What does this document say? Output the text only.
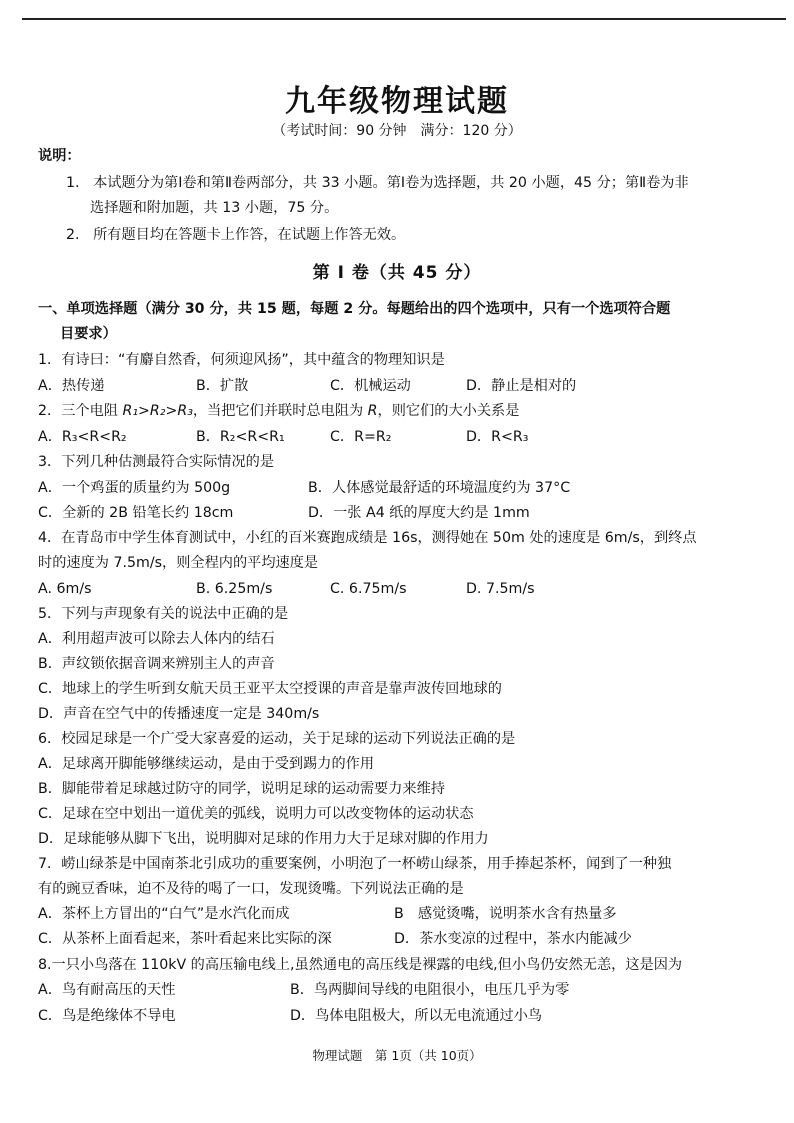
九年级物理试题
（考试时间：90 分钟　满分：120 分）
说明：
1. 本试题分为第Ⅰ卷和第Ⅱ卷两部分，共 33 小题。第Ⅰ卷为选择题，共 20 小题，45 分；第Ⅱ卷为非
选择题和附加题，共 13 小题，75 分。
2. 所有题目均在答题卡上作答，在试题上作答无效。
第 Ⅰ 卷（共 45 分）
一、单项选择题（满分 30 分，共 15 题，每题 2 分。每题给出的四个选项中，只有一个选项符合题
目要求）
1．有诗曰：“有麝自然香，何须迎风扬”，其中蕴含的物理知识是
A．热传递	B．扩散	C．机械运动	D．静止是相对的
2．三个电阻 R₁>R₂>R₃，当把它们并联时总电阻为 R，则它们的大小关系是
A．R₃<R<R₂	B．R₂<R<R₁	C．R=R₂	D．R<R₃
3．下列几种估测最符合实际情况的是
A．一个鸡蛋的质量约为 500g	B．人体感觉最舒适的环境温度约为 37°C
C．全新的 2B 铅笔长约 18cm	D．一张 A4 纸的厚度大约是 1mm
4．在青岛市中学生体育测试中，小红的百米赛跑成绩是 16s，测得她在 50m 处的速度是 6m/s，到终点
时的速度为 7.5m/s，则全程内的平均速度是
A. 6m/s	B. 6.25m/s	C. 6.75m/s	D. 7.5m/s
5．下列与声现象有关的说法中正确的是
A．利用超声波可以除去人体内的结石
B．声纹锁依据音调来辨别主人的声音
C．地球上的学生听到女航天员王亚平太空授课的声音是靠声波传回地球的
D．声音在空气中的传播速度一定是 340m/s
6．校园足球是一个广受大家喜爱的运动，关于足球的运动下列说法正确的是
A．足球离开脚能够继续运动，是由于受到踢力的作用
B．脚能带着足球越过防守的同学，说明足球的运动需要力来维持
C．足球在空中划出一道优美的弧线，说明力可以改变物体的运动状态
D．足球能够从脚下飞出，说明脚对足球的作用力大于足球对脚的作用力
7．崂山绿茶是中国南茶北引成功的重要案例，小明泡了一杯崂山绿茶，用手捧起茶杯，闻到了一种独
有的豌豆香味，迫不及待的喝了一口，发现烫嘴。下列说法正确的是
A．茶杯上方冒出的“白气”是水汽化而成	B　感觉烫嘴，说明茶水含有热量多
C．从茶杯上面看起来，茶叶看起来比实际的深	D．茶水变凉的过程中，茶水内能减少
8.一只小鸟落在 110kV 的高压输电线上,虽然通电的高压线是裸露的电线,但小鸟仍安然无恙，这是因为
A．鸟有耐高压的天性	B．鸟两脚间导线的电阻很小，电压几乎为零
C．鸟是绝缘体不导电	D．鸟体电阻极大，所以无电流通过小鸟
物理试题　第 1页（共 10页）
